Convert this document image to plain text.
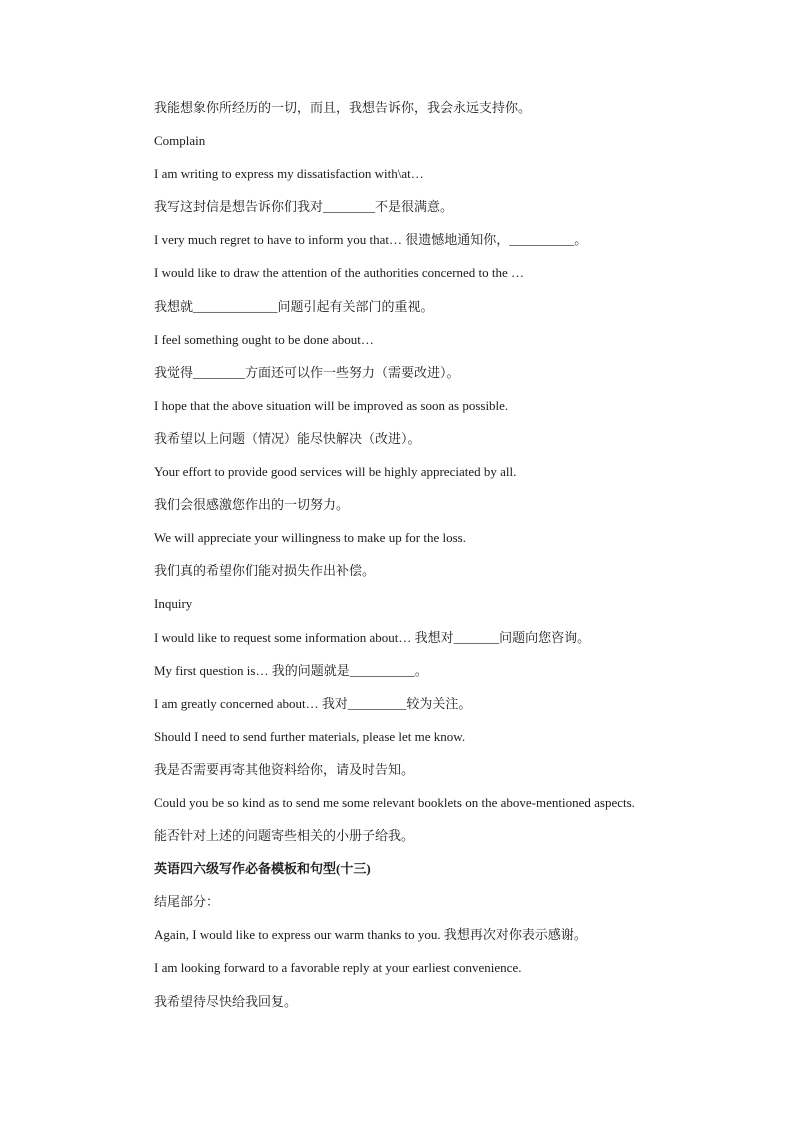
我能想象你所经历的一切，而且，我想告诉你，我会永远支持你。
Complain
I am writing to express my dissatisfaction with\at…
我写这封信是想告诉你们我对________不是很满意。
I very much regret to have to inform you that… 很遗憾地通知你，__________。
I would like to draw the attention of the authorities concerned to the …
我想就_____________问题引起有关部门的重视。
I feel something ought to be done about…
我觉得________方面还可以作一些努力（需要改进）。
I hope that the above situation will be improved as soon as possible.
我希望以上问题（情况）能尽快解决（改进）。
Your effort to provide good services will be highly appreciated by all.
我们会很感激您作出的一切努力。
We will appreciate your willingness to make up for the loss.
我们真的希望你们能对损失作出补偿。
Inquiry
I would like to request some information about… 我想对_______问题向您咨询。
My first question is… 我的问题就是__________。
I am greatly concerned about… 我对_________较为关注。
Should I need to send further materials, please let me know.
我是否需要再寄其他资料给你，请及时告知。
Could you be so kind as to send me some relevant booklets on the above-mentioned aspects.
能否针对上述的问题寄些相关的小册子给我。
英语四六级写作必备模板和句型(十三)
结尾部分：
Again, I would like to express our warm thanks to you. 我想再次对你表示感谢。
I am looking forward to a favorable reply at your earliest convenience.
我希望待尽快给我回复。
